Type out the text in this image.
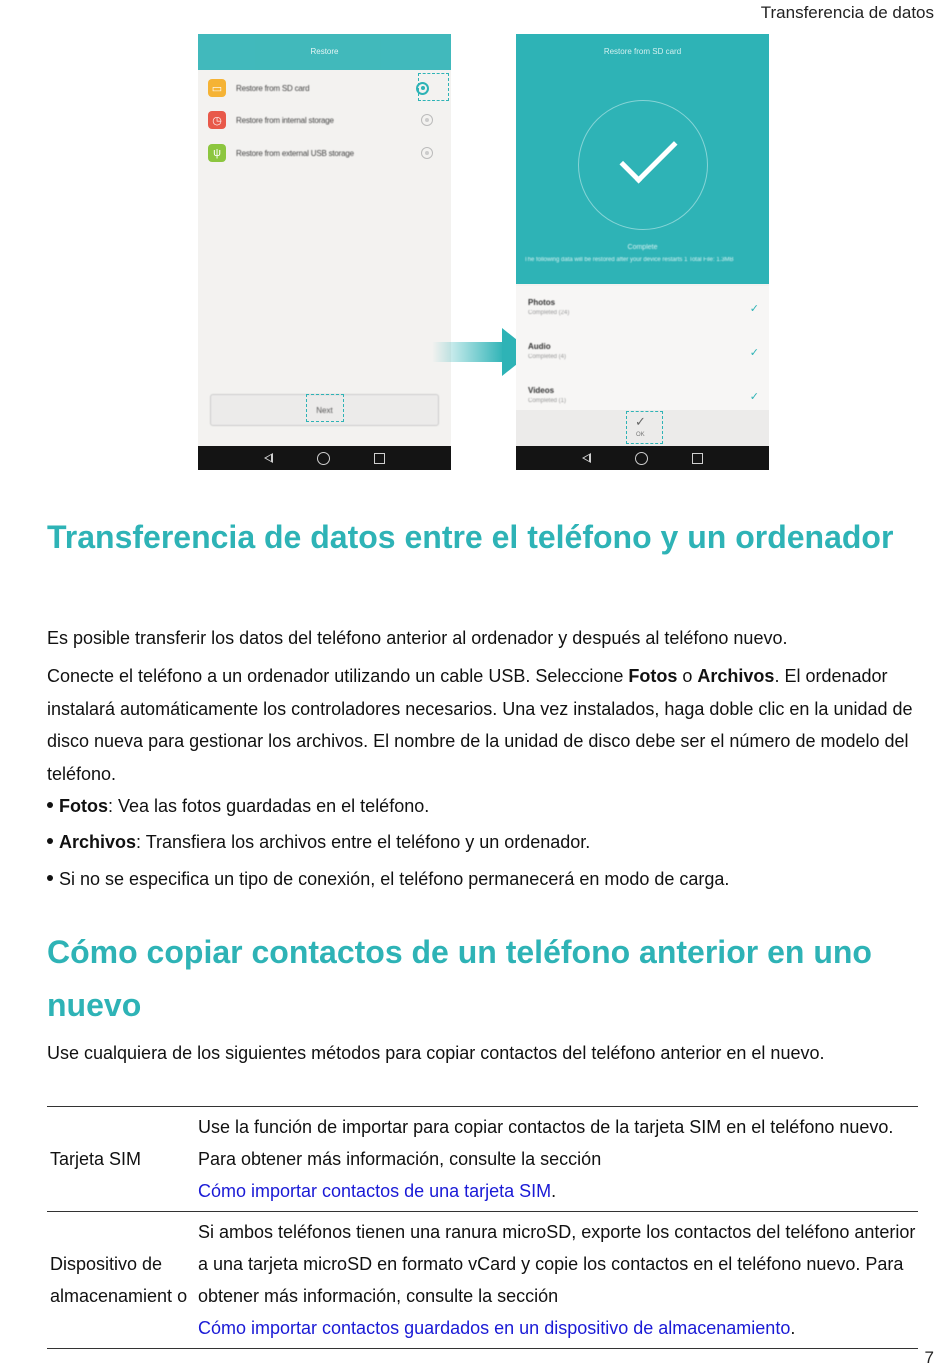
Transferencia de datos
Restore
▭	Restore from SD card
◷	Restore from internal storage
ψ	Restore from external USB storage
Next
Restore from SD card
Complete
The following data will be restored after your device restarts 1 Total File: 1.3MB
Photos
Completed (24)	✓
Audio
Completed (4)	✓
Videos
Completed (1)	✓
✓
OK
Transferencia de datos entre el teléfono y un ordenador

Es posible transferir los datos del teléfono anterior al ordenador y después al teléfono nuevo.

Conecte el teléfono a un ordenador utilizando un cable USB. Seleccione Fotos o Archivos. El ordenador instalará automáticamente los controladores necesarios. Una vez instalados, haga doble clic en la unidad de disco nueva para gestionar los archivos. El nombre de la unidad de disco debe ser el número de modelo del teléfono.

Fotos: Vea las fotos guardadas en el teléfono.
Archivos: Transfiera los archivos entre el teléfono y un ordenador.
Si no se especifica un tipo de conexión, el teléfono permanecerá en modo de carga.
Cómo copiar contactos de un teléfono anterior en uno nuevo

Use cualquiera de los siguientes métodos para copiar contactos del teléfono anterior en el nuevo.

Tarjeta SIM	Use la función de importar para copiar contactos de la tarjeta SIM en el teléfono nuevo. Para obtener más información, consulte la sección
Cómo importar contactos de una tarjeta SIM.
Dispositivo de almacenamient o	Si ambos teléfonos tienen una ranura microSD, exporte los contactos del teléfono anterior a una tarjeta microSD en formato vCard y copie los contactos en el teléfono nuevo. Para obtener más información, consulte la sección
Cómo importar contactos guardados en un dispositivo de almacenamiento.
7
